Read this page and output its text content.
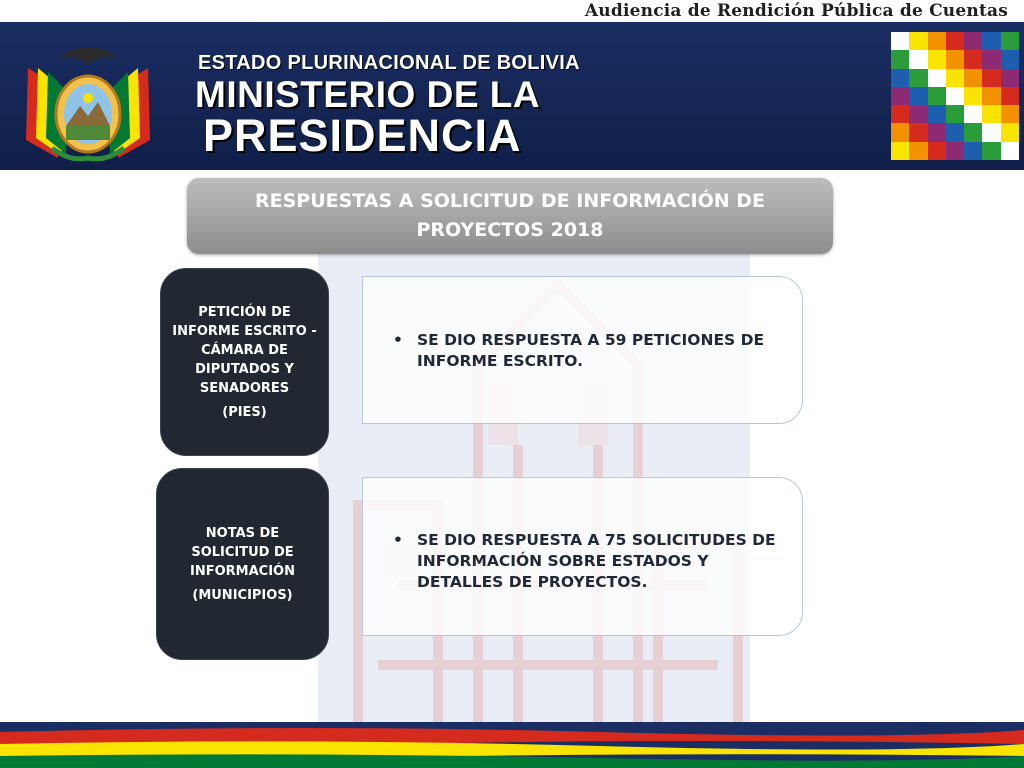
Audiencia de Rendición Pública de Cuentas
ESTADO PLURINACIONAL DE BOLIVIA
MINISTERIO DE LA
PRESIDENCIA
RESPUESTAS A SOLICITUD DE INFORMACIÓN DE PROYECTOS 2018
PETICIÓN DE INFORME ESCRITO - CÁMARA DE DIPUTADOS Y SENADORES
(PIES)
• SE DIO RESPUESTA A 59 PETICIONES DE INFORME ESCRITO.
NOTAS DE SOLICITUD DE INFORMACIÓN
(MUNICIPIOS)
• SE DIO RESPUESTA A 75 SOLICITUDES DE INFORMACIÓN SOBRE ESTADOS Y DETALLES DE PROYECTOS.
